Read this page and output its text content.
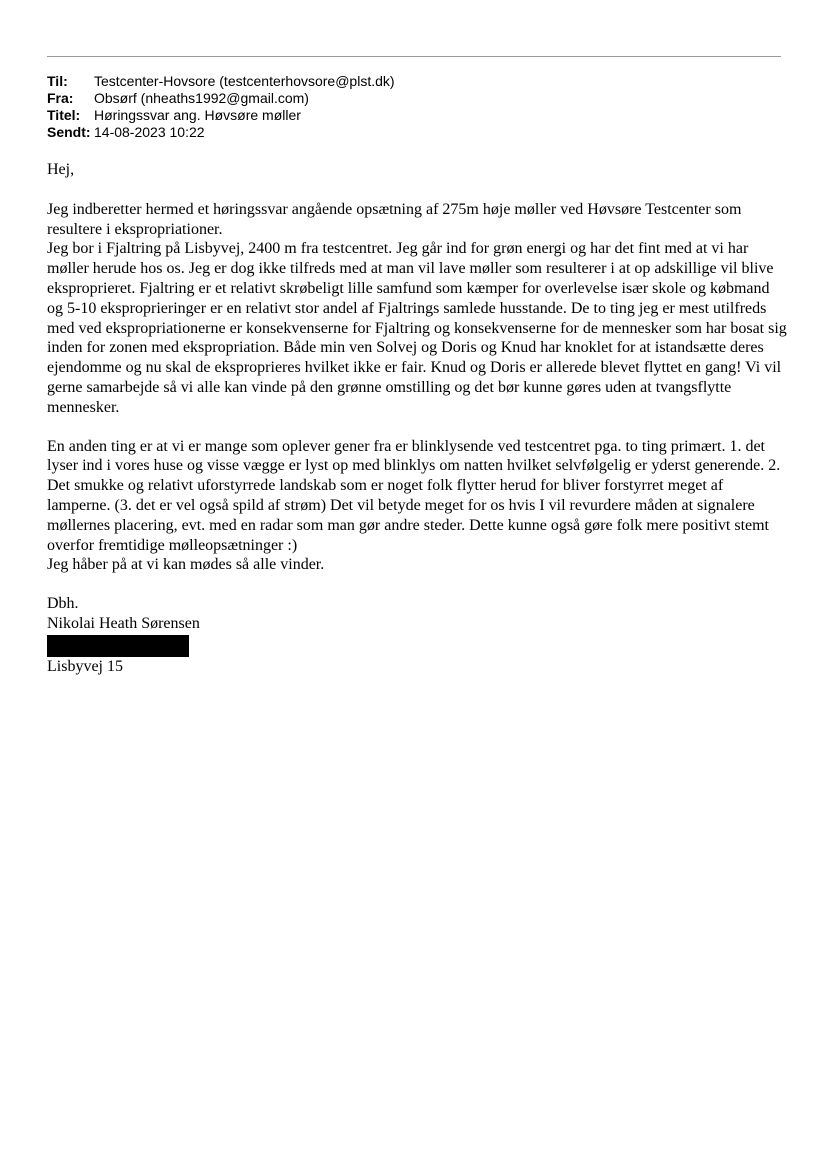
Til:	Testcenter-Hovsore (testcenterhovsore@plst.dk)
Fra:	Obsørf (nheaths1992@gmail.com)
Titel: Høringssvar ang. Høvsøre møller
Sendt: 14-08-2023 10:22

Hej,

Jeg indberetter hermed et høringssvar angående opsætning af 275m høje møller ved Høvsøre Testcenter som resultere i ekspropriationer.

Jeg bor i Fjaltring på Lisbyvej, 2400 m fra testcentret. Jeg går ind for grøn energi og har det fint med at vi har møller herude hos os. Jeg er dog ikke tilfreds med at man vil lave møller som resulterer i at op adskillige vil blive eksproprieret. Fjaltring er et relativt skrøbeligt lille samfund som kæmper for overlevelse især skole og købmand og 5-10 eksproprieringer er en relativt stor andel af Fjaltrings samlede husstande. De to ting jeg er mest utilfreds med ved ekspropriationerne er konsekvenserne for Fjaltring og konsekvenserne for de mennesker som har bosat sig inden for zonen med ekspropriation. Både min ven Solvej og Doris og Knud har knoklet for at istandsætte deres ejendomme og nu skal de eksproprieres hvilket ikke er fair. Knud og Doris er allerede blevet flyttet en gang! Vi vil gerne samarbejde så vi alle kan vinde på den grønne omstilling og det bør kunne gøres uden at tvangsflytte mennesker.

En anden ting er at vi er mange som oplever gener fra er blinklysende ved testcentret pga. to ting primært. 1. det lyser ind i vores huse og visse vægge er lyst op med blinklys om natten hvilket selvfølgelig er yderst generende. 2. Det smukke og relativt uforstyrrede landskab som er noget folk flytter herud for bliver forstyrret meget af lamperne. (3. det er vel også spild af strøm) Det vil betyde meget for os hvis I vil revurdere måden at signalere møllernes placering, evt. med en radar som man gør andre steder. Dette kunne også gøre folk mere positivt stemt overfor fremtidige mølleopsætninger :)

Jeg håber på at vi kan mødes så alle vinder.

Dbh.

Nikolai Heath Sørensen

Lisbyvej 15
